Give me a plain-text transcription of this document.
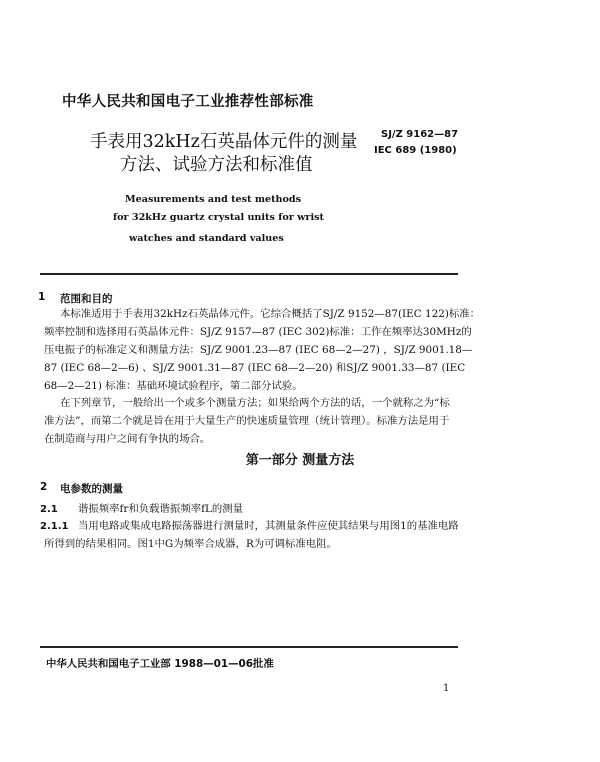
中华人民共和国电子工业推荐性部标准
手表用32kHz石英晶体元件的测量
方法、试验方法和标准值
SJ/Z 9162—87
IEC 689 (1980)
Measurements and test methods
for 32kHz guartz crystal units for wrist
watches and standard values
1 范围和目的
本标准适用于手表用32kHz石英晶体元件。它综合概括了SJ/Z 9152—87(IEC 122)标准：
频率控制和选择用石英晶体元件：SJ/Z 9157—87 (IEC 302)标准：工作在频率达30MHz的
压电振子的标准定义和测量方法：SJ/Z 9001.23—87 (IEC 68—2—27) ，SJ/Z 9001.18—
87 (IEC 68—2—6) 、SJ/Z 9001.31—87 (IEC 68—2—20) 和SJ/Z 9001.33—87 (IEC
68—2—21) 标准：基础环境试验程序，第二部分试验。
在下列章节，一般给出一个或多个测量方法；如果给两个方法的话，一个就称之为“标
准方法”，而第二个就是旨在用于大量生产的快速质量管理（统计管理）。标准方法是用于
在制造商与用户之间有争执的场合。
第一部分 测量方法
2 电参数的测量
2.1 谐振频率fr和负载谐振频率fL的测量
2.1.1 当用电路或集成电路振荡器进行测量时，其测量条件应使其结果与用图1的基准电路
所得到的结果相同。图1中G为频率合成器，R为可调标准电阻。
中华人民共和国电子工业部 1988—01—06批准
1
